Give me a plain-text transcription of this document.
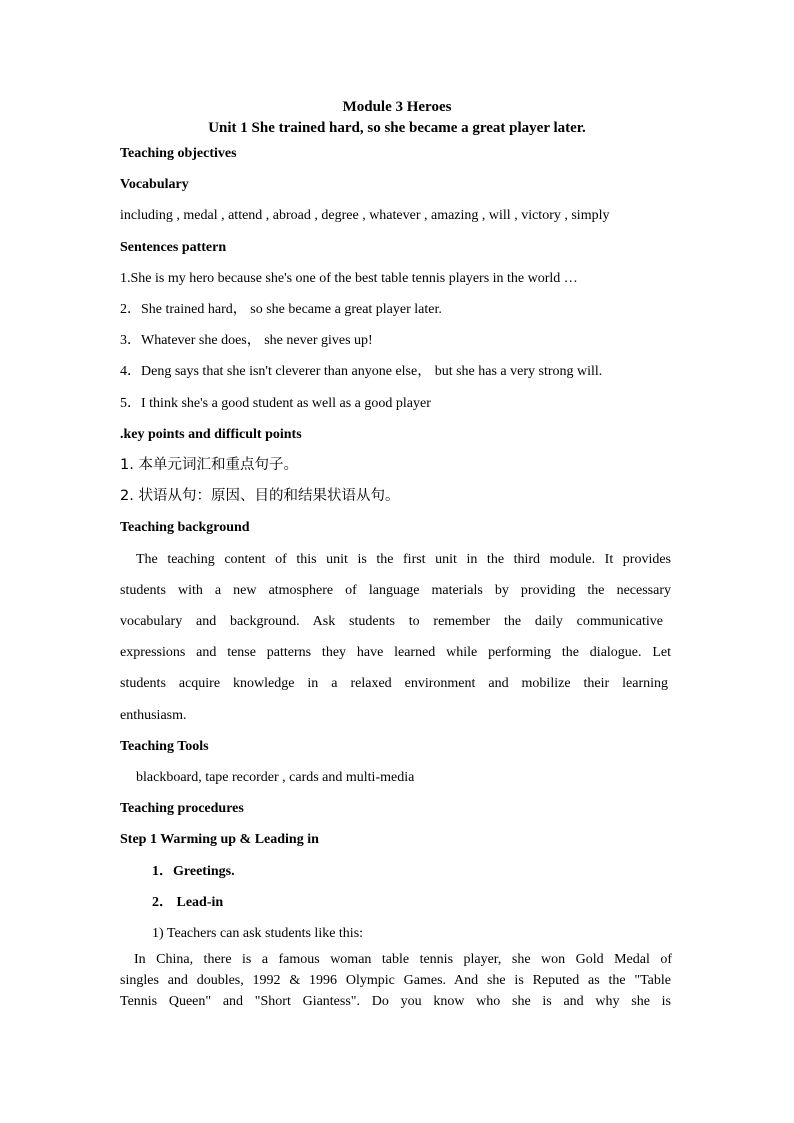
Module 3 Heroes
Unit 1 She trained hard, so she became a great player later.
Teaching objectives
Vocabulary
including , medal , attend , abroad , degree , whatever , amazing , will , victory , simply
Sentences pattern
1.She is my hero because she's one of the best table tennis players in the world …
2．She trained hard， so she became a great player later.
3．Whatever she does， she never gives up!
4．Deng says that she isn't cleverer than anyone else， but she has a very strong will.
5．I think she's a good student as well as a good player
.key points and difficult points
1. 本单元词汇和重点句子。
2. 状语从句：原因、目的和结果状语从句。
Teaching background
The teaching content of this unit is the first unit in the third module. It provides
students with a new atmosphere of language materials by providing the necessary
vocabulary and background. Ask students to remember the daily communicative
expressions and tense patterns they have learned while performing the dialogue. Let
students acquire knowledge in a relaxed environment and mobilize their learning
enthusiasm.
Teaching Tools
blackboard, tape recorder , cards and multi-media
Teaching procedures
Step 1 Warming up & Leading in
1．Greetings.
2． Lead-in
1) Teachers can ask students like this:
In China, there is a famous woman table tennis player, she won Gold Medal of
singles and doubles, 1992 & 1996 Olympic Games. And she is Reputed as the "Table
Tennis Queen" and "Short Giantess". Do you know who she is and why she is
